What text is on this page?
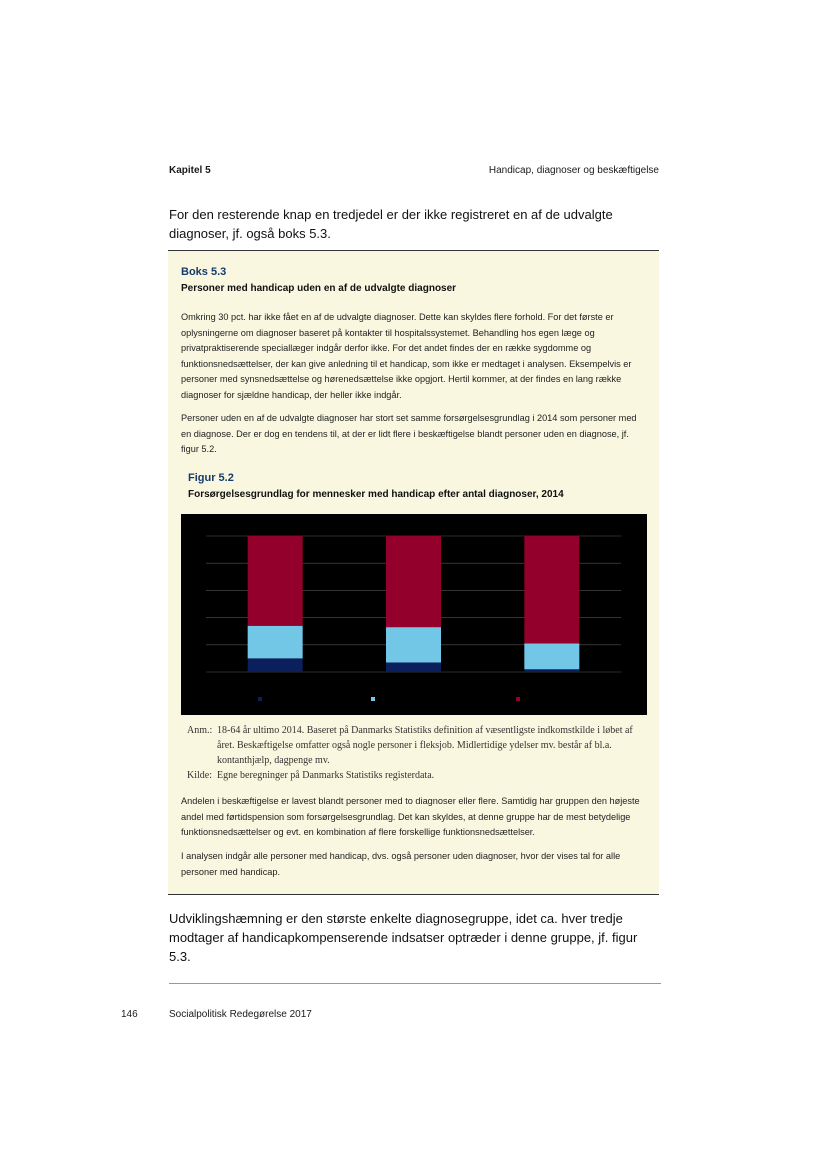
Kapitel 5	Handicap, diagnoser og beskæftigelse
For den resterende knap en tredjedel er der ikke registreret en af de udvalgte diagnoser, jf. også boks 5.3.
Boks 5.3
Personer med handicap uden en af de udvalgte diagnoser
Omkring 30 pct. har ikke fået en af de udvalgte diagnoser. Dette kan skyldes flere forhold. For det første er oplysningerne om diagnoser baseret på kontakter til hospitalssystemet. Behandling hos egen læge og privatpraktiserende speciallæger indgår derfor ikke. For det andet findes der en række sygdomme og funktionsnedsættelser, der kan give anledning til et handicap, som ikke er medtaget i analysen. Eksempelvis er personer med synsnedsættelse og hørenedsættelse ikke opgjort. Hertil kommer, at der findes en lang række diagnoser for sjældne handicap, der heller ikke indgår.
Personer uden en af de udvalgte diagnoser har stort set samme forsørgelsesgrundlag i 2014 som personer med en diagnose. Der er dog en tendens til, at der er lidt flere i beskæftigelse blandt personer uden en diagnose, jf. figur 5.2.
Figur 5.2
Forsørgelsesgrundlag for mennesker med handicap efter antal diagnoser, 2014
Anm.: 18-64 år ultimo 2014. Baseret på Danmarks Statistiks definition af væsentligste indkomstkilde i løbet af året. Beskæftigelse omfatter også nogle personer i fleksjob. Midlertidige ydelser mv. består af bl.a. kontanthjælp, dagpenge mv.
Kilde: Egne beregninger på Danmarks Statistiks registerdata.
Andelen i beskæftigelse er lavest blandt personer med to diagnoser eller flere. Samtidig har gruppen den højeste andel med førtidspension som forsørgelsesgrundlag. Det kan skyldes, at denne gruppe har de mest betydelige funktionsnedsættelser og evt. en kombination af flere forskellige funktionsnedsættelser.
I analysen indgår alle personer med handicap, dvs. også personer uden diagnoser, hvor der vises tal for alle personer med handicap.
Udviklingshæmning er den største enkelte diagnosegruppe, idet ca. hver tredje modtager af handicapkompenserende indsatser optræder i denne gruppe, jf. figur 5.3.
146	Socialpolitisk Redegørelse 2017
